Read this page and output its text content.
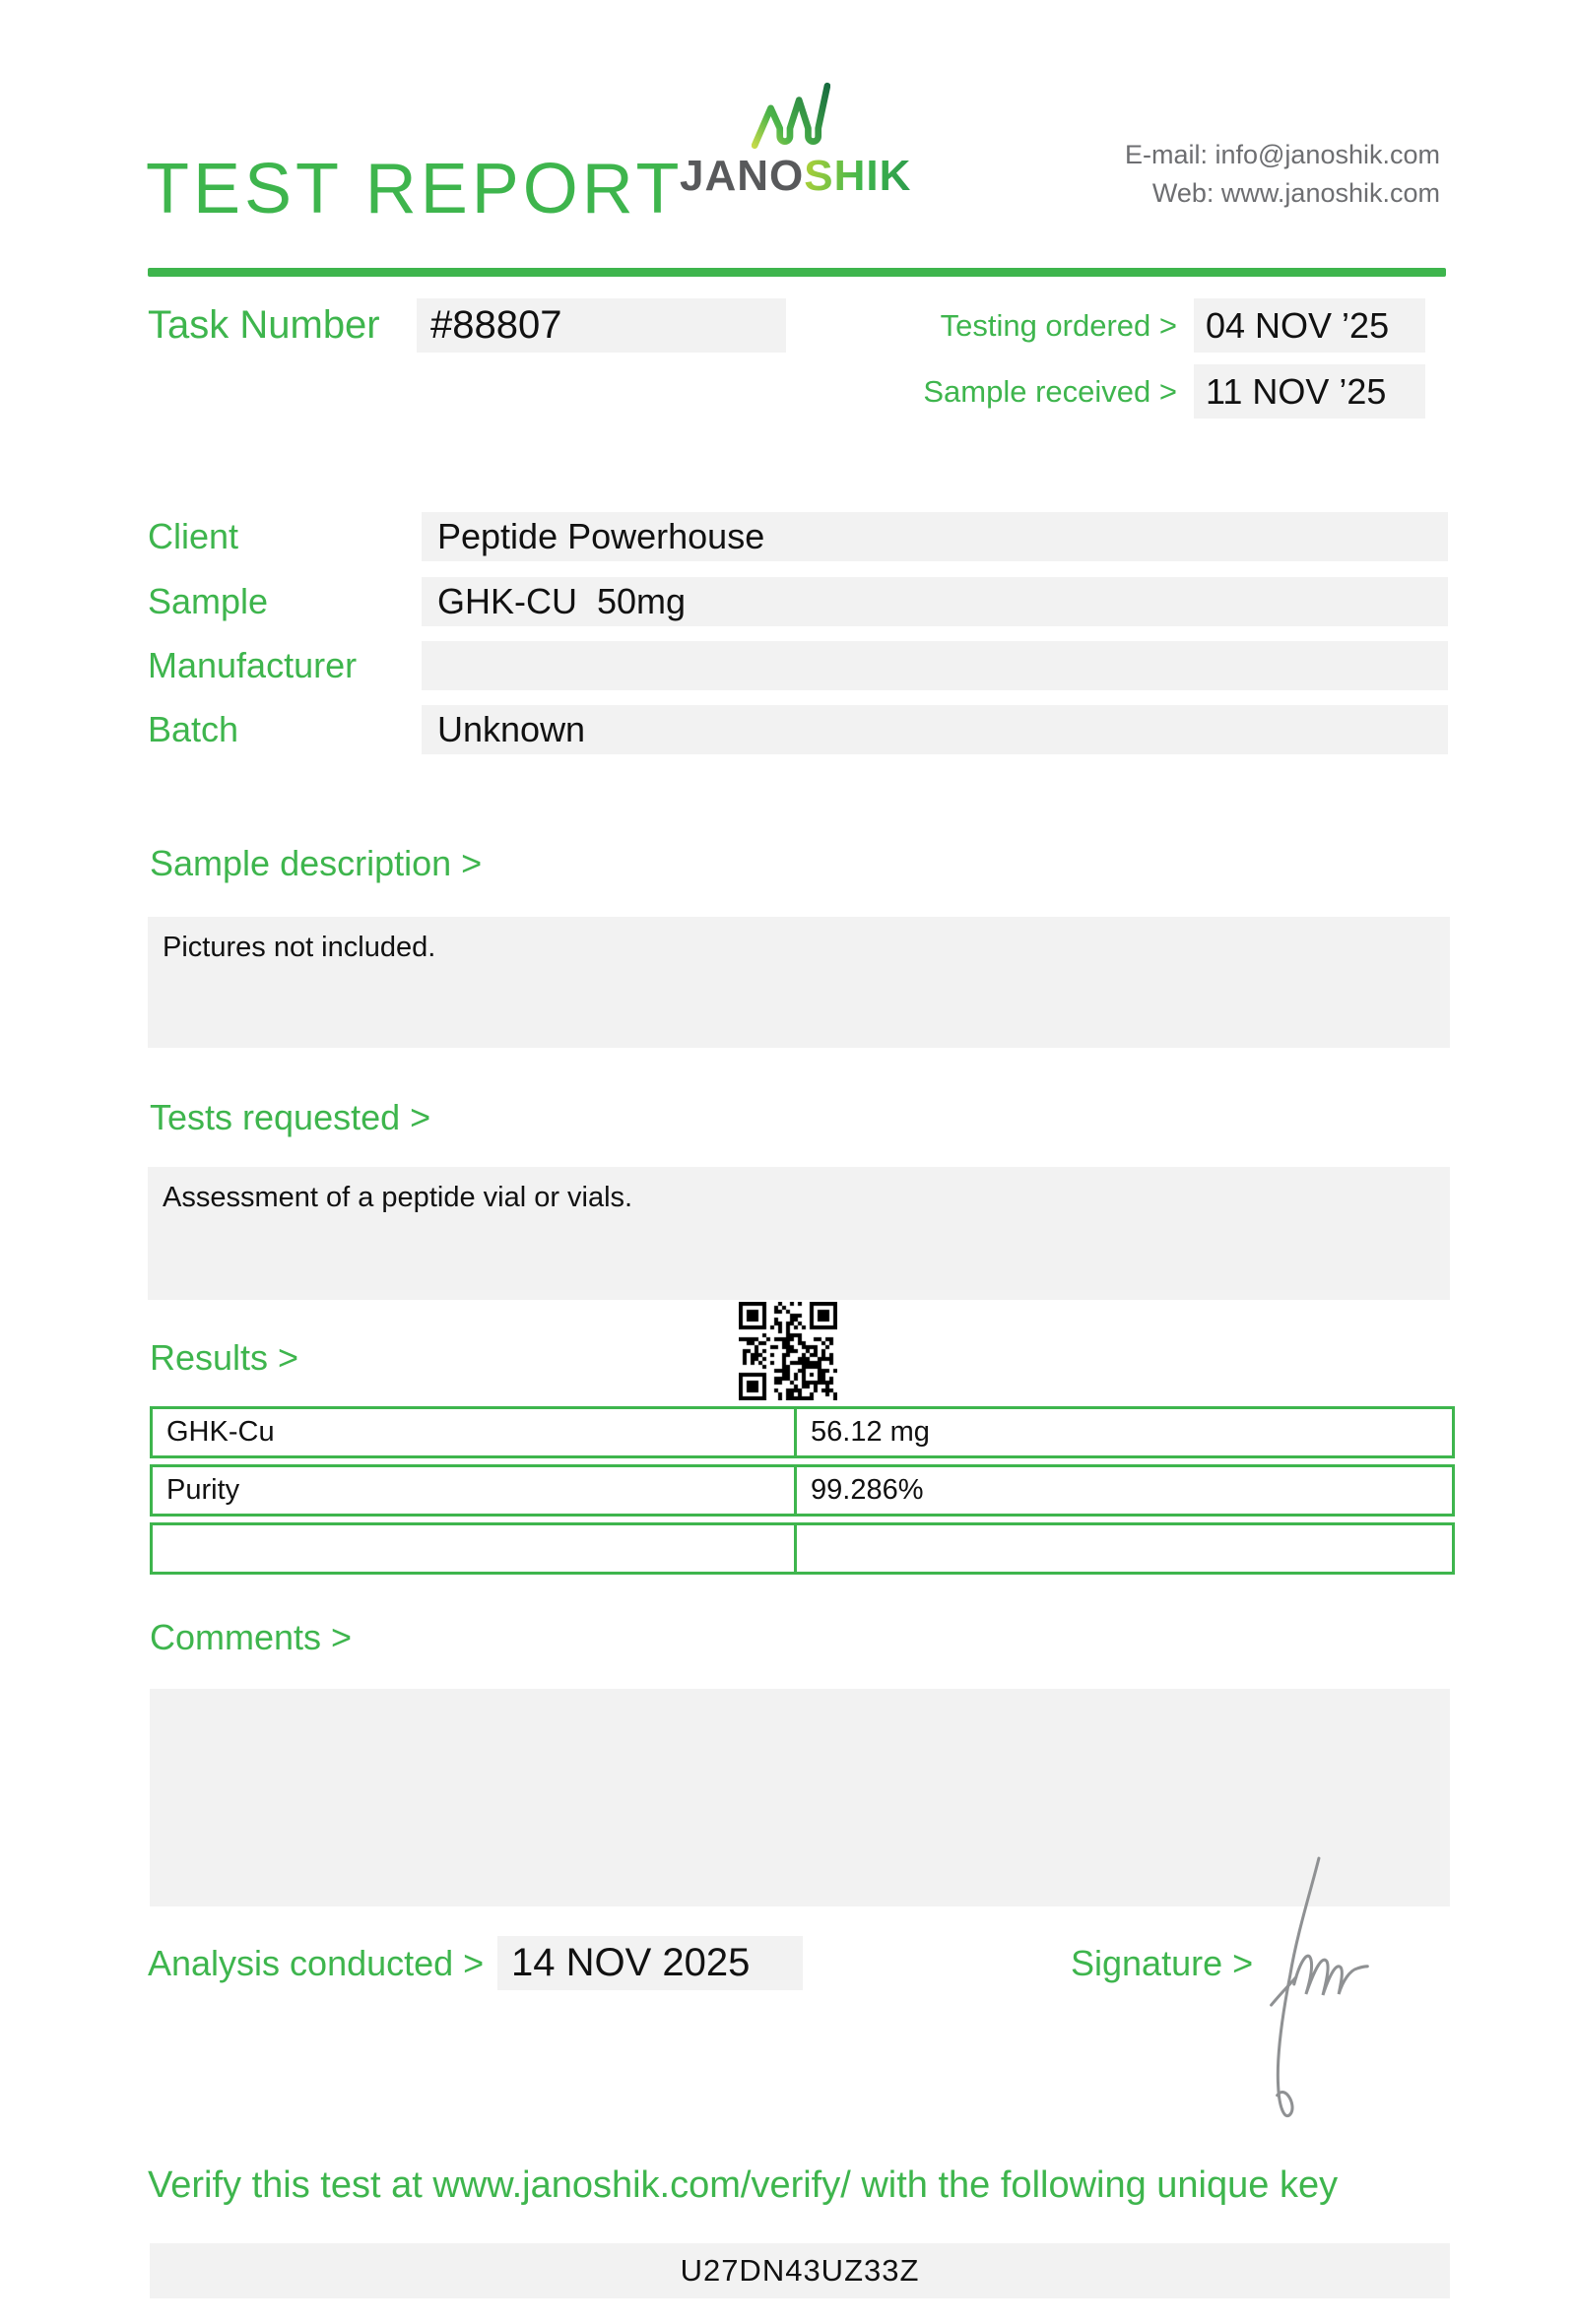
TEST REPORT
JANOSHIK	E-mail: info@janoshik.com
Web: www.janoshik.com
Task Number	#88807	Testing ordered > 04 NOV ’25
Sample received > 11 NOV ’25
Client	Peptide Powerhouse
Sample	GHK-CU  50mg
Manufacturer
Batch	Unknown
Sample description >
Pictures not included.
Tests requested >
Assessment of a peptide vial or vials.
Results >
GHK-Cu	56.12 mg
Purity	99.286%
Comments >
Analysis conducted > 14 NOV 2025	Signature >
Verify this test at www.janoshik.com/verify/ with the following unique key
U27DN43UZ33Z
